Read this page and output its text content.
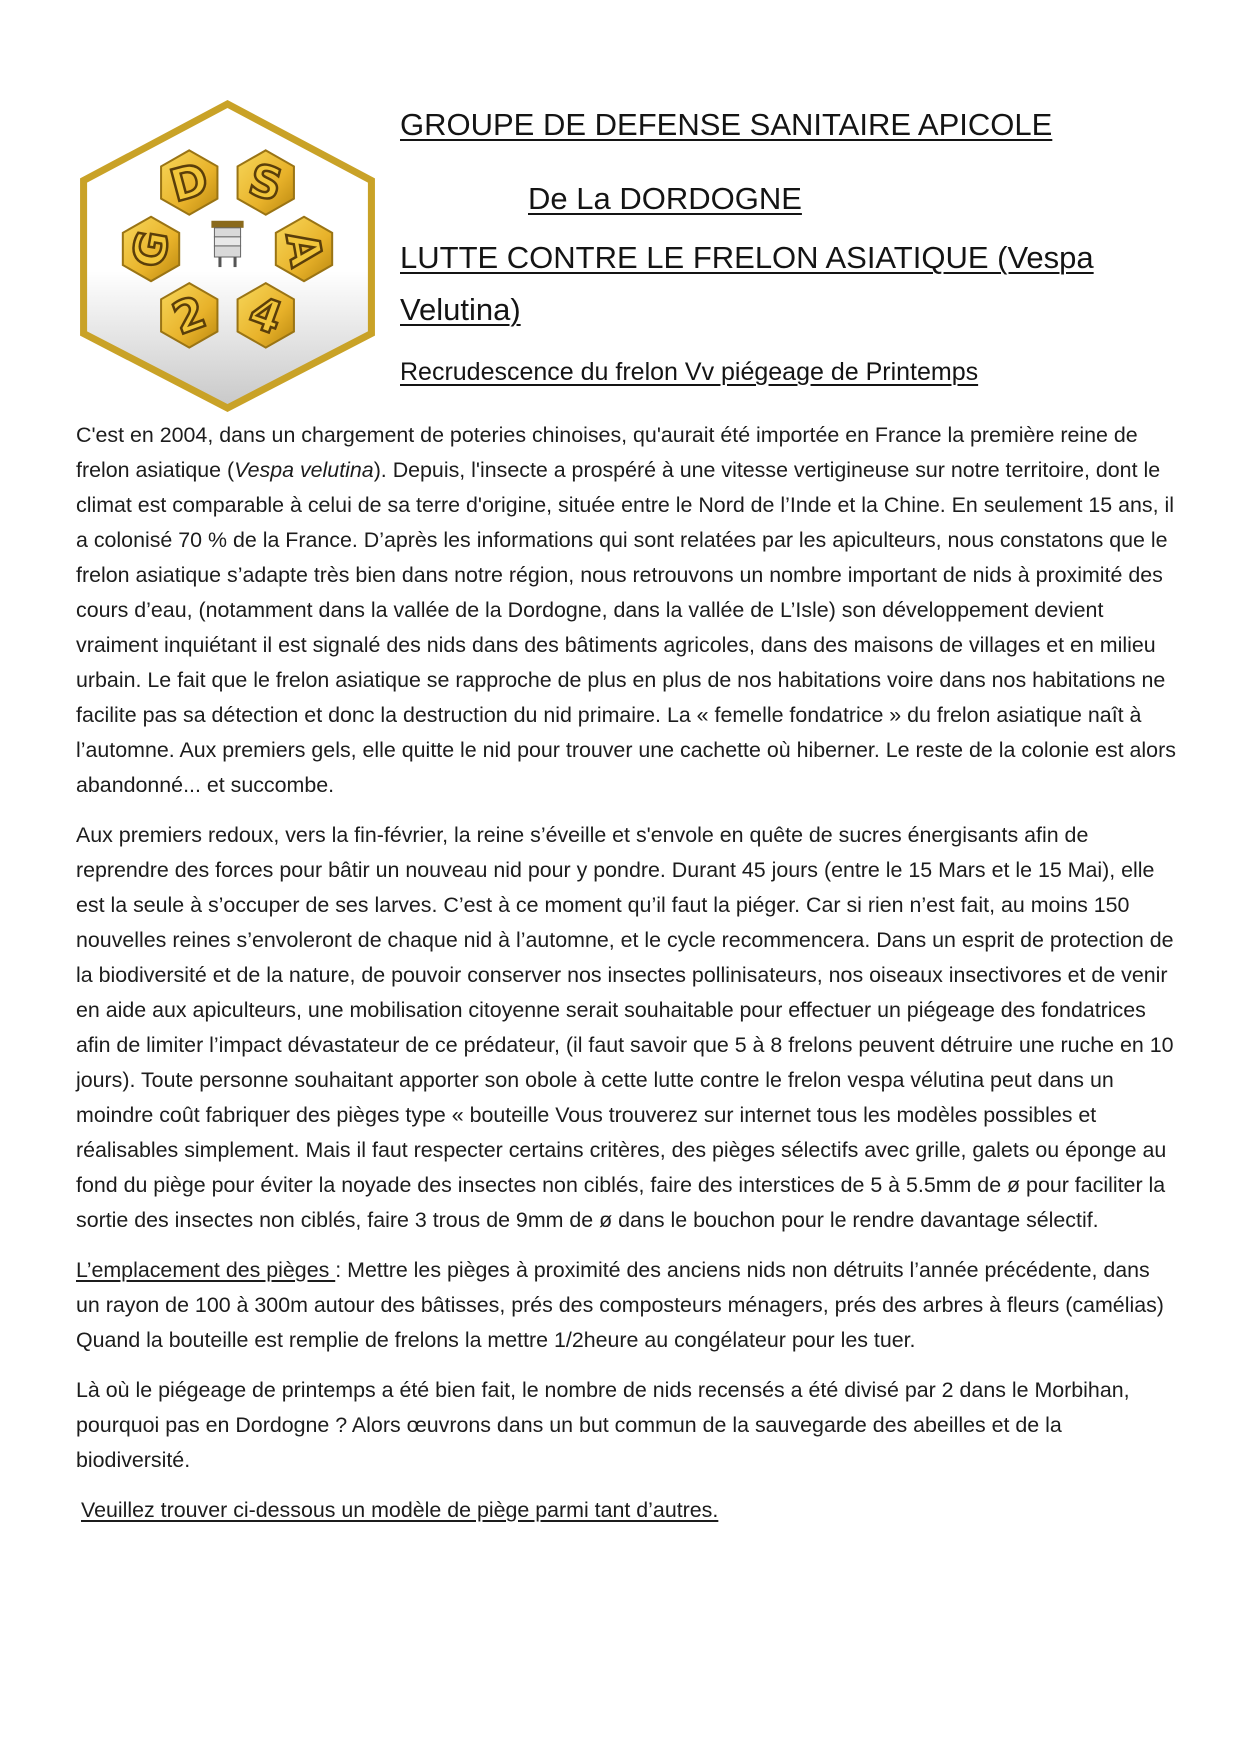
D S
G A
2 4
GROUPE DE DEFENSE SANITAIRE APICOLE
De La DORDOGNE
LUTTE CONTRE LE FRELON ASIATIQUE (Vespa Velutina)
Recrudescence du frelon Vv piégeage de Printemps

C'est en 2004, dans un chargement de poteries chinoises, qu'aurait été importée en France la première reine de frelon asiatique (Vespa velutina). Depuis, l'insecte a prospéré à une vitesse vertigineuse sur notre territoire, dont le climat est comparable à celui de sa terre d'origine, située entre le Nord de l’Inde et la Chine. En seulement 15 ans, il a colonisé 70 % de la France. D’après les informations qui sont relatées par les apiculteurs, nous constatons que le frelon asiatique s’adapte très bien dans notre région, nous retrouvons un nombre important de nids à proximité des cours d’eau, (notamment dans la vallée de la Dordogne, dans la vallée de L’Isle) son développement devient vraiment inquiétant il est signalé des nids dans des bâtiments agricoles, dans des maisons de villages et en milieu urbain. Le fait que le frelon asiatique se rapproche de plus en plus de nos habitations voire dans nos habitations ne facilite pas sa détection et donc la destruction du nid primaire. La « femelle fondatrice » du frelon asiatique naît à l’automne. Aux premiers gels, elle quitte le nid pour trouver une cachette où hiberner. Le reste de la colonie est alors abandonné... et succombe.

Aux premiers redoux, vers la fin-février, la reine s’éveille et s'envole en quête de sucres énergisants afin de reprendre des forces pour bâtir un nouveau nid pour y pondre. Durant 45 jours (entre le 15 Mars et le 15 Mai), elle est la seule à s’occuper de ses larves. C’est à ce moment qu’il faut la piéger. Car si rien n’est fait, au moins 150 nouvelles reines s’envoleront de chaque nid à l’automne, et le cycle recommencera. Dans un esprit de protection de la biodiversité et de la nature, de pouvoir conserver nos insectes pollinisateurs, nos oiseaux insectivores et de venir en aide aux apiculteurs, une mobilisation citoyenne serait souhaitable pour effectuer un piégeage des fondatrices afin de limiter l’impact dévastateur de ce prédateur, (il faut savoir que 5 à 8 frelons peuvent détruire une ruche en 10 jours). Toute personne souhaitant apporter son obole à cette lutte contre le frelon vespa vélutina peut dans un moindre coût fabriquer des pièges type « bouteille Vous trouverez sur internet tous les modèles possibles et réalisables simplement. Mais il faut respecter certains critères, des pièges sélectifs avec grille, galets ou éponge au fond du piège pour éviter la noyade des insectes non ciblés, faire des interstices de 5 à 5.5mm de ø pour faciliter la sortie des insectes non ciblés, faire 3 trous de 9mm de ø dans le bouchon pour le rendre davantage sélectif.

L’emplacement des pièges : Mettre les pièges à proximité des anciens nids non détruits l’année précédente, dans un rayon de 100 à 300m autour des bâtisses, prés des composteurs ménagers, prés des arbres à fleurs (camélias) Quand la bouteille est remplie de frelons la mettre 1/2heure au congélateur pour les tuer.

Là où le piégeage de printemps a été bien fait, le nombre de nids recensés a été divisé par 2 dans le Morbihan, pourquoi pas en Dordogne ? Alors œuvrons dans un but commun de la sauvegarde des abeilles et de la biodiversité.

Veuillez trouver ci-dessous un modèle de piège parmi tant d’autres.
